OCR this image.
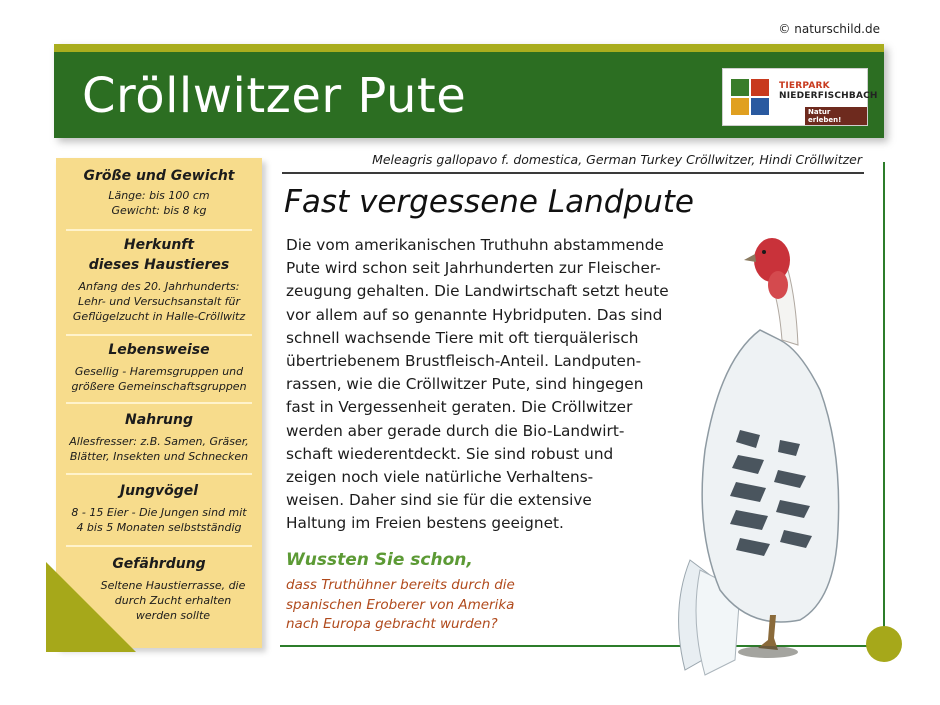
© naturschild.de
Cröllwitzer Pute	TIERPARK
NIEDERFISCHBACH
Natur erleben!
Größe und Gewicht
Länge: bis 100 cm
Gewicht: bis 8 kg
Herkunft
dieses Haustieres
Anfang des 20. Jahrhunderts:
Lehr- und Versuchsanstalt für
Geflügelzucht in Halle-Cröllwitz
Lebensweise
Gesellig - Haremsgruppen und
größere Gemeinschaftsgruppen
Nahrung
Allesfresser: z.B. Samen, Gräser,
Blätter, Insekten und Schnecken
Jungvögel
8 - 15 Eier - Die Jungen sind mit
4 bis 5 Monaten selbstständig
Gefährdung
Seltene Haustierrasse, die
durch Zucht erhalten
werden sollte
Meleagris gallopavo f. domestica, German Turkey Cröllwitzer, Hindi Cröllwitzer
Fast vergessene Landpute
Die vom amerikanischen Truthuhn abstammende
Pute wird schon seit Jahrhunderten zur Fleischer-
zeugung gehalten. Die Landwirtschaft setzt heute
vor allem auf so genannte Hybridputen. Das sind
schnell wachsende Tiere mit oft tierquälerisch
übertriebenem Brustfleisch-Anteil. Landputen-
rassen, wie die Cröllwitzer Pute, sind hingegen
fast in Vergessenheit geraten. Die Cröllwitzer
werden aber gerade durch die Bio-Landwirt-
schaft wiederentdeckt. Sie sind robust und
zeigen noch viele natürliche Verhaltens-
weisen. Daher sind sie für die extensive
Haltung im Freien bestens geeignet.
Wussten Sie schon,
dass Truthühner bereits durch die
spanischen Eroberer von Amerika
nach Europa gebracht wurden?
